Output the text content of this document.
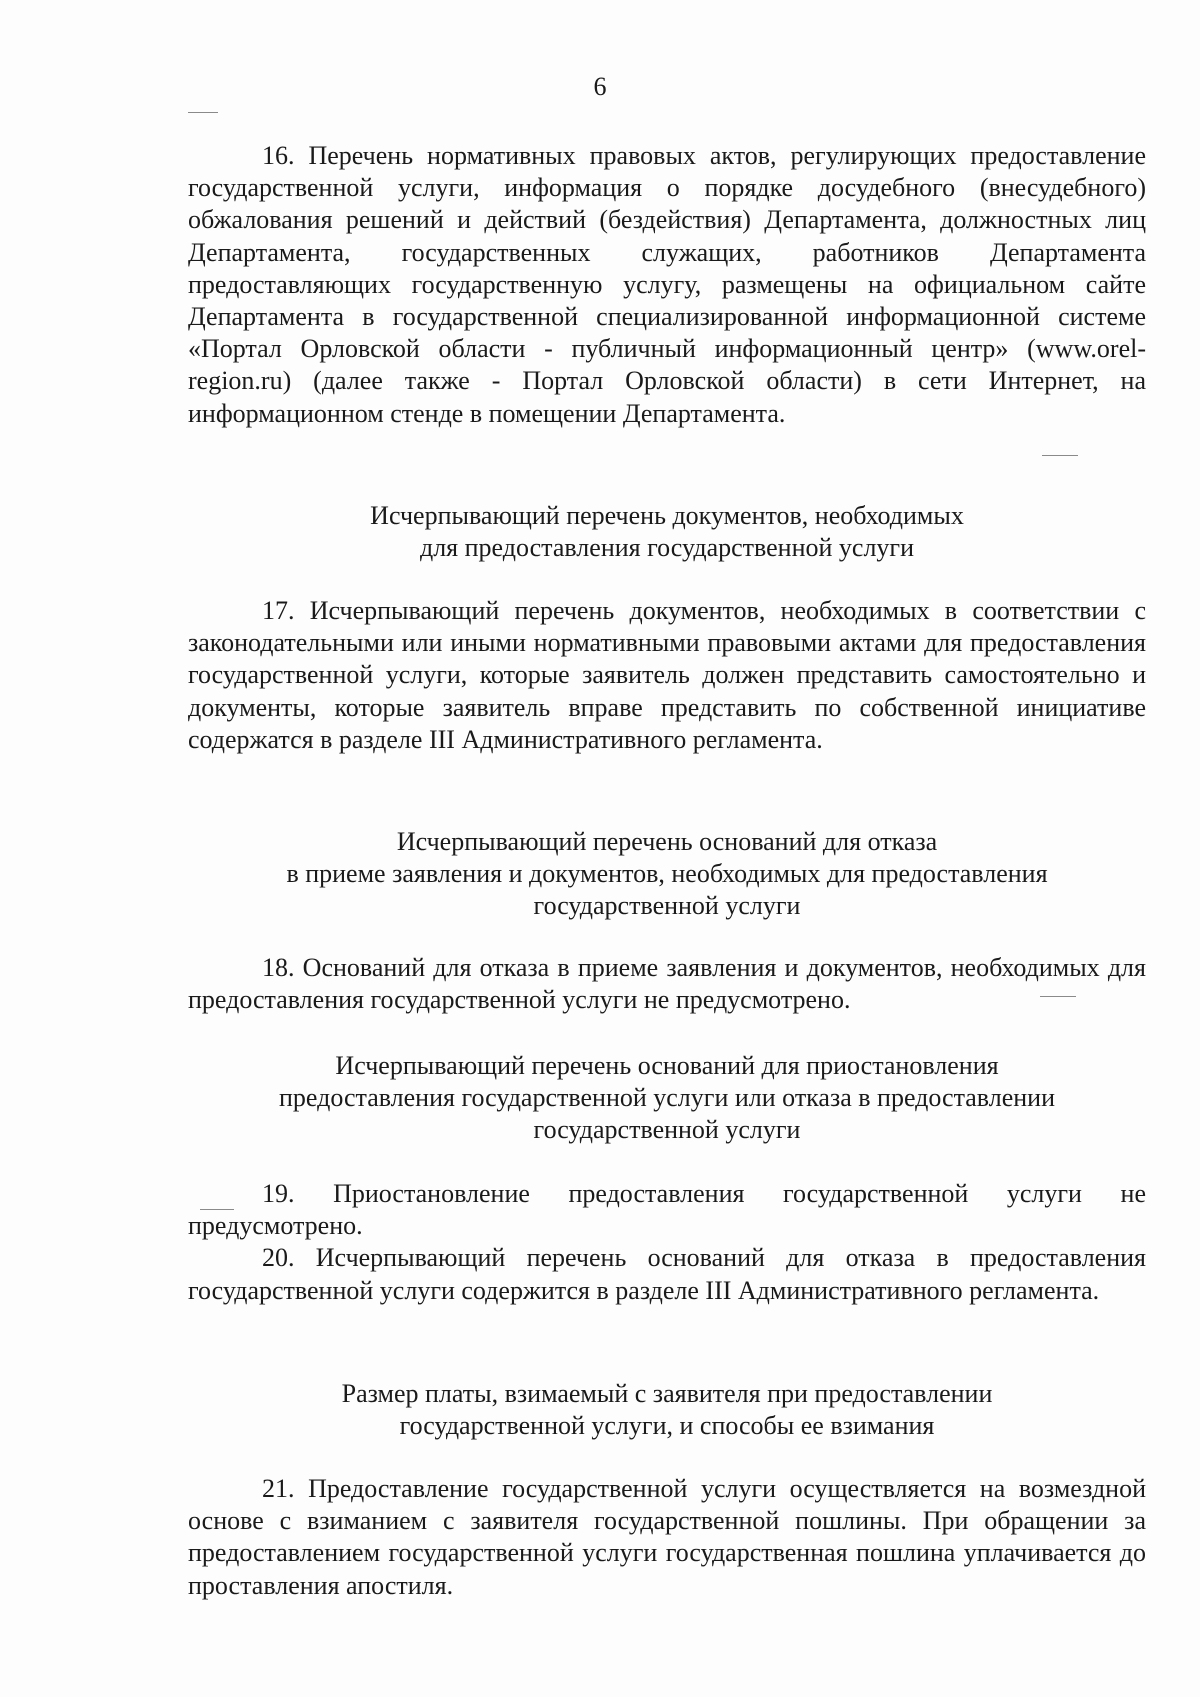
6

16. Перечень нормативных правовых актов, регулирующих предоставление государственной услуги, информация о порядке досудебного (внесудебного) обжалования решений и действий (бездействия) Департамента, должностных лиц Департамента, государственных служащих, работников Департамента предоставляющих государственную услугу, размещены на официальном сайте Департамента в государственной специализированной информационной системе «Портал Орловской области - публичный информационный центр» (www.orel-region.ru) (далее также - Портал Орловской области) в сети Интернет, на информационном стенде в помещении Департамента.

Исчерпывающий перечень документов, необходимых
для предоставления государственной услуги

17. Исчерпывающий перечень документов, необходимых в соответствии с законодательными или иными нормативными правовыми актами для предоставления государственной услуги, которые заявитель должен представить самостоятельно и документы, которые заявитель вправе представить по собственной инициативе содержатся в разделе III Административного регламента.

Исчерпывающий перечень оснований для отказа
в приеме заявления и документов, необходимых для предоставления
государственной услуги

18. Оснований для отказа в приеме заявления и документов, необходимых для предоставления государственной услуги не предусмотрено.

Исчерпывающий перечень оснований для приостановления
предоставления государственной услуги или отказа в предоставлении
государственной услуги

19. Приостановление предоставления государственной услуги не предусмотрено.

20. Исчерпывающий перечень оснований для отказа в предоставления государственной услуги содержится в разделе III Административного регламента.

Размер платы, взимаемый с заявителя при предоставлении
государственной услуги, и способы ее взимания

21. Предоставление государственной услуги осуществляется на возмездной основе с взиманием с заявителя государственной пошлины. При обращении за предоставлением государственной услуги государственная пошлина уплачивается до проставления апостиля.
